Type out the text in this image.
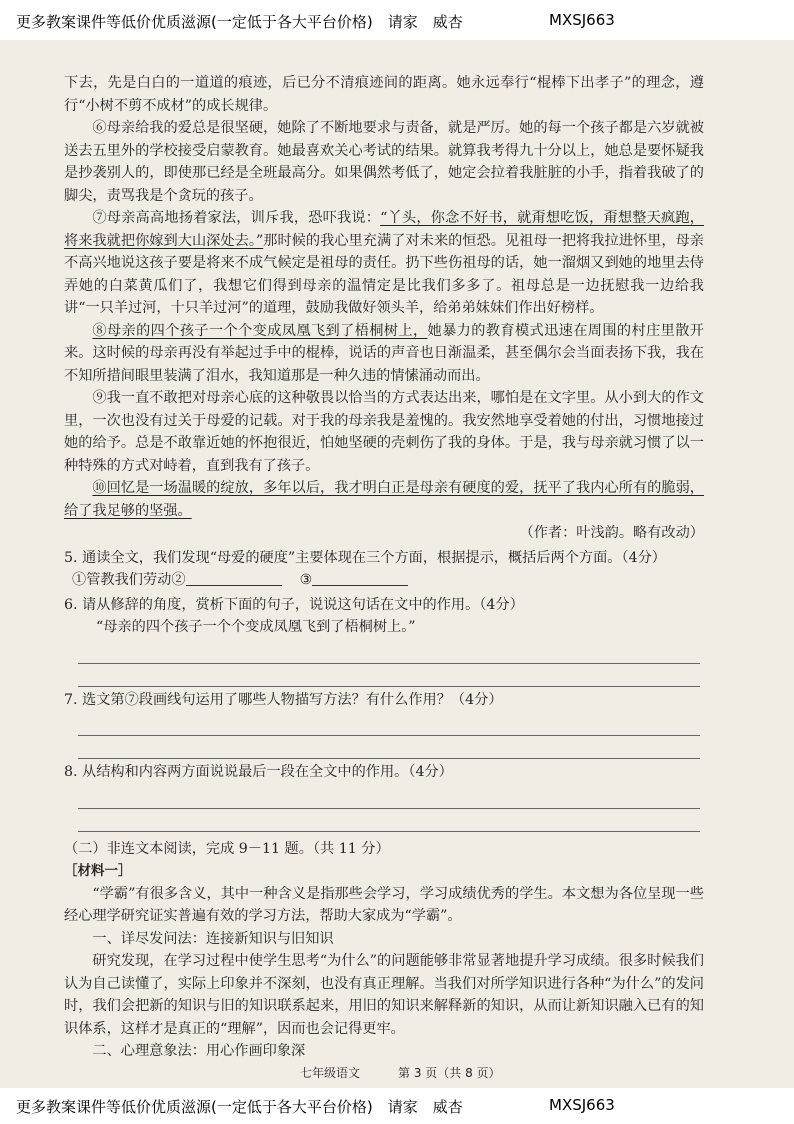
更多教案课件等低价优质滋源(一定低于各大平台价格)　请家　威杏	MXSJ663

下去，先是白白的一道道的痕迹，后已分不清痕迹间的距离。她永远奉行“棍棒下出孝子”的理念，遵行“小树不剪不成材”的成长规律。

⑥母亲给我的爱总是很坚硬，她除了不断地要求与责备，就是严厉。她的每一个孩子都是六岁就被送去五里外的学校接受启蒙教育。她最喜欢关心考试的结果。就算我考得九十分以上，她总是要怀疑我是抄袭别人的，即使那已经是全班最高分。如果偶然考低了，她定会拉着我脏脏的小手，指着我破了的脚尖，责骂我是个贪玩的孩子。

⑦母亲高高地扬着家法，训斥我，恐吓我说：“丫头，你念不好书，就甭想吃饭，甭想整天疯跑，将来我就把你嫁到大山深处去。”那时候的我心里充满了对未来的恒恐。见祖母一把将我拉进怀里，母亲不高兴地说这孩子要是将来不成气候定是祖母的责任。扔下些伤祖母的话，她一溜烟又到她的地里去侍弄她的白菜黄瓜们了，我想它们得到母亲的温情定是比我们多多了。祖母总是一边抚慰我一边给我讲“一只羊过河，十只羊过河”的道理，鼓励我做好领头羊，给弟弟妹妹们作出好榜样。

⑧母亲的四个孩子一个个变成凤凰飞到了梧桐树上，她暴力的教育模式迅速在周围的村庄里散开来。这时候的母亲再没有举起过手中的棍棒，说话的声音也日渐温柔，甚至偶尔会当面表扬下我，我在不知所措间眼里装满了泪水，我知道那是一种久违的情愫涌动而出。

⑨我一直不敢把对母亲心底的这种敬畏以恰当的方式表达出来，哪怕是在文字里。从小到大的作文里，一次也没有过关于母爱的记载。对于我的母亲我是羞愧的。我安然地享受着她的付出，习惯地接过她的给予。总是不敢靠近她的怀抱很近，怕她坚硬的壳刺伤了我的身体。于是，我与母亲就习惯了以一种特殊的方式对峙着，直到我有了孩子。

⑩回忆是一场温暖的绽放，多年以后，我才明白正是母亲有硬度的爱，抚平了我内心所有的脆弱，给了我足够的坚强。

（作者：叶浅韵。略有改动）

5. 通读全文，我们发现“母爱的硬度”主要体现在三个方面，根据提示，概括后两个方面。（4分）

①管教我们劳动②	③

6. 请从修辞的角度，赏析下面的句子，说说这句话在文中的作用。（4分）

“母亲的四个孩子一个个变成凤凰飞到了梧桐树上。”

7. 选文第⑦段画线句运用了哪些人物描写方法？有什么作用？（4分）

8. 从结构和内容两方面说说最后一段在全文中的作用。（4分）

（二）非连文本阅读，完成 9－11 题。（共 11 分）

［材料一］

“学霸”有很多含义，其中一种含义是指那些会学习，学习成绩优秀的学生。本文想为各位呈现一些经心理学研究证实普遍有效的学习方法，帮助大家成为“学霸”。

一、详尽发问法：连接新知识与旧知识

研究发现，在学习过程中使学生思考“为什么”的问题能够非常显著地提升学习成绩。很多时候我们认为自己读懂了，实际上印象并不深刻，也没有真正理解。当我们对所学知识进行各种“为什么”的发问时，我们会把新的知识与旧的知识联系起来，用旧的知识来解释新的知识，从而让新知识融入已有的知识体系，这样才是真正的“理解”，因而也会记得更牢。

二、心理意象法：用心作画印象深

七年级语文	第 3 页（共 8 页）
更多教案课件等低价优质滋源(一定低于各大平台价格)　请家　威杏	MXSJ663
